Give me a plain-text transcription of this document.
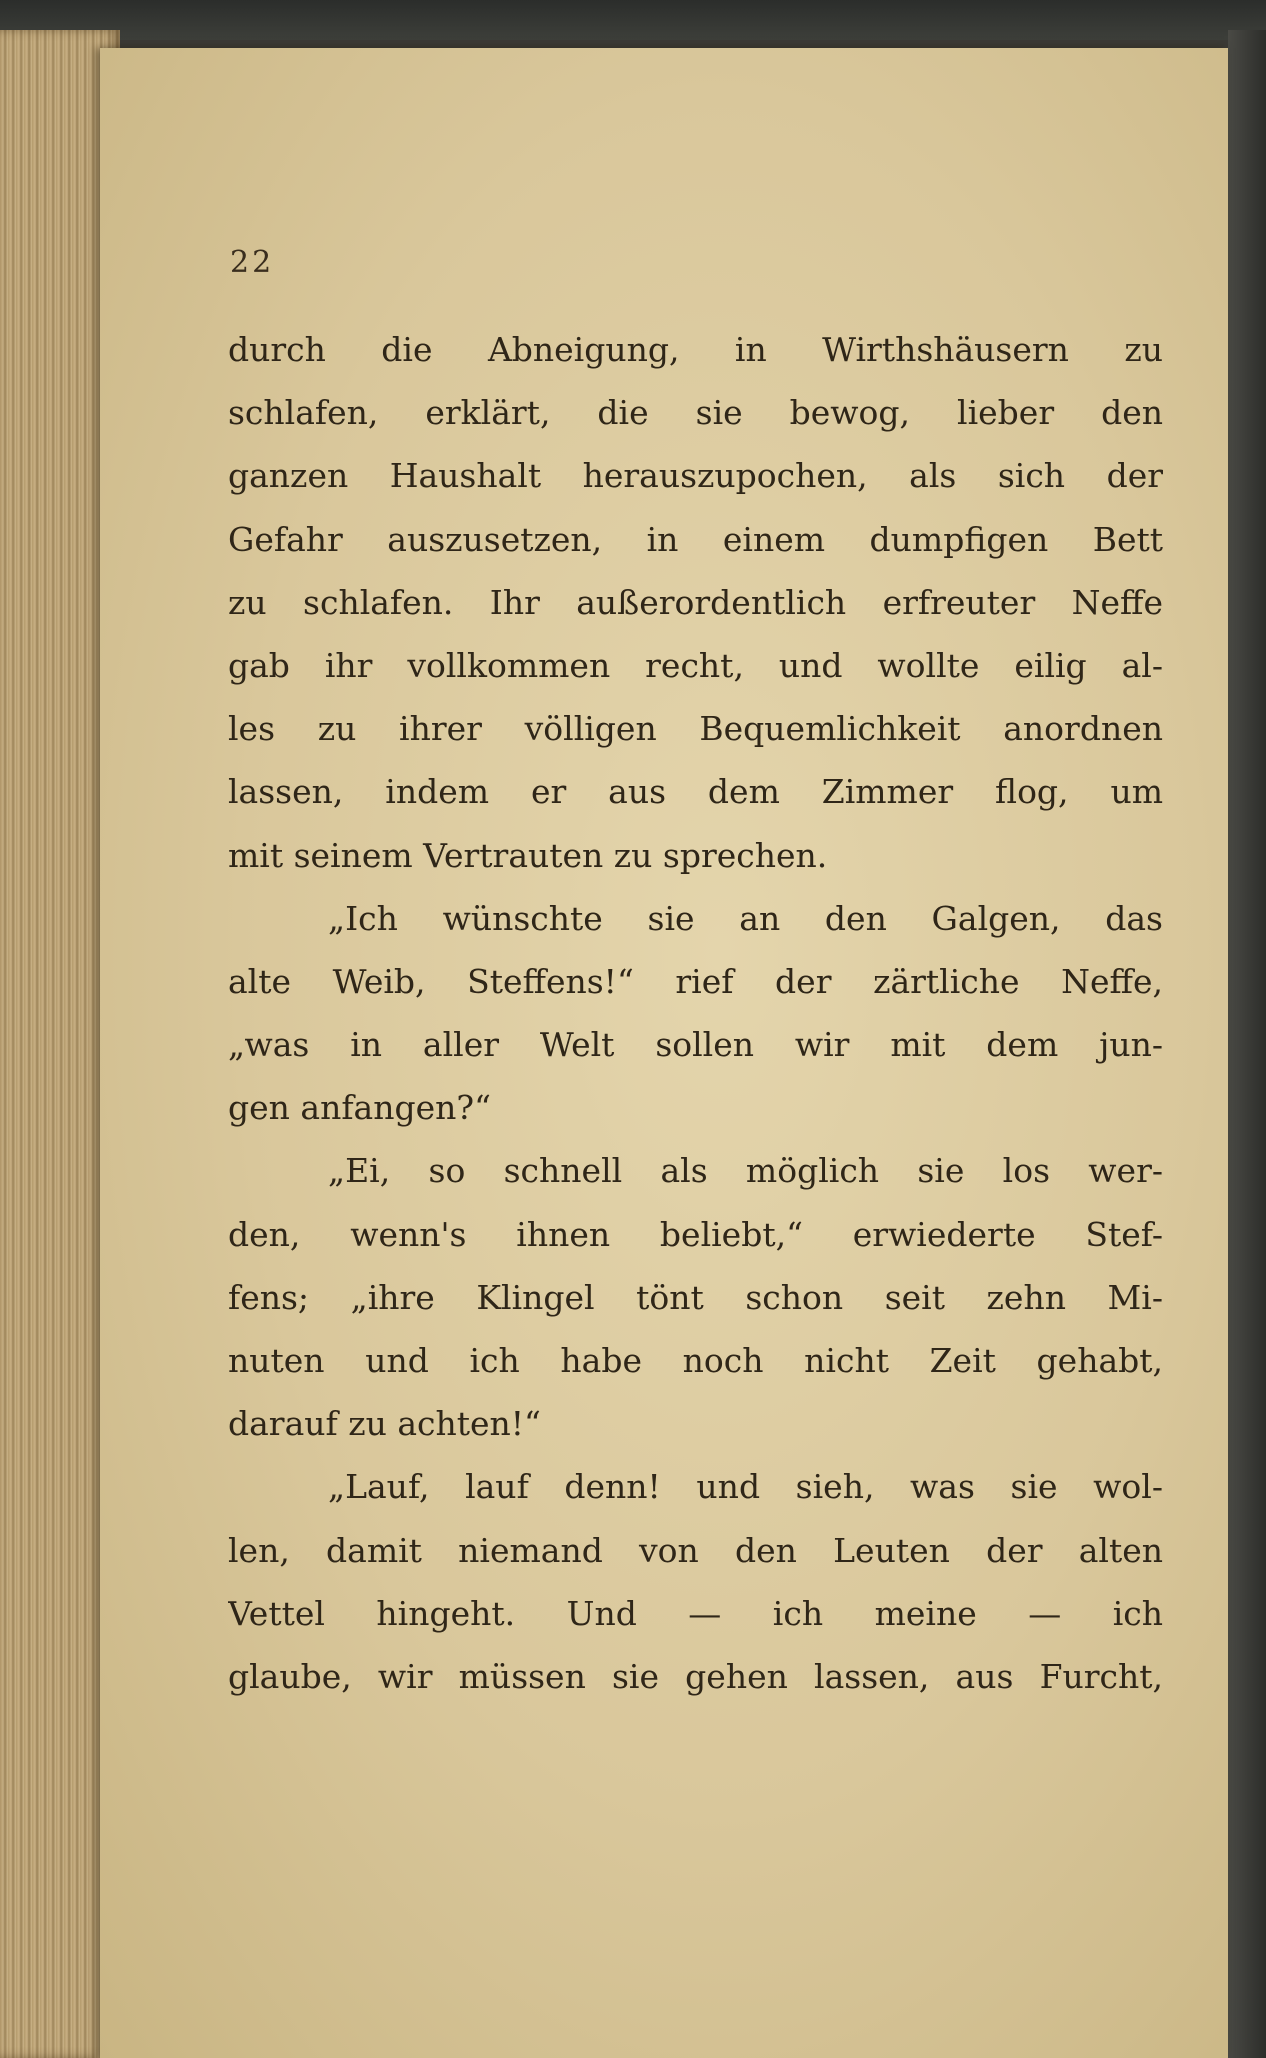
22
durch die Abneigung, in Wirthshäusern zu
schlafen, erklärt, die sie bewog, lieber den
ganzen Haushalt herauszupochen, als sich der
Gefahr auszusetzen, in einem dumpfigen Bett
zu schlafen. Ihr außerordentlich erfreuter Neffe
gab ihr vollkommen recht, und wollte eilig al-
les zu ihrer völligen Bequemlichkeit anordnen
lassen, indem er aus dem Zimmer flog, um
mit seinem Vertrauten zu sprechen.
„Ich wünschte sie an den Galgen, das
alte Weib, Steffens!“ rief der zärtliche Neffe,
„was in aller Welt sollen wir mit dem jun-
gen anfangen?“
„Ei, so schnell als möglich sie los wer-
den, wenn's ihnen beliebt,“ erwiederte Stef-
fens; „ihre Klingel tönt schon seit zehn Mi-
nuten und ich habe noch nicht Zeit gehabt,
darauf zu achten!“
„Lauf, lauf denn! und sieh, was sie wol-
len, damit niemand von den Leuten der alten
Vettel hingeht. Und — ich meine — ich
glaube, wir müssen sie gehen lassen, aus Furcht,
